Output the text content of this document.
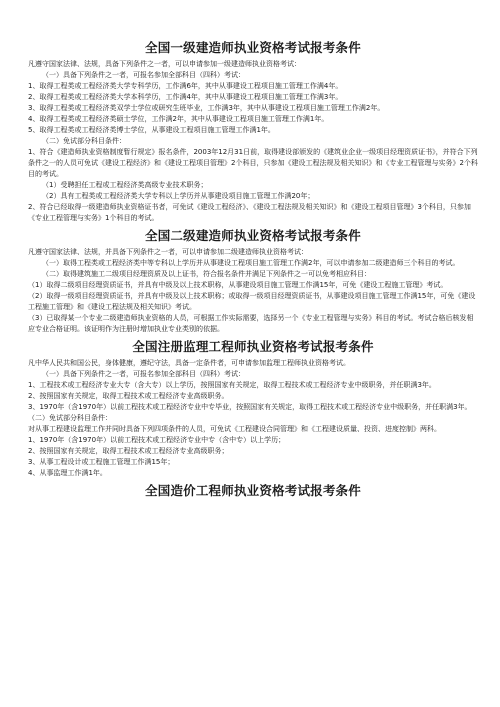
全国一级建造师执业资格考试报考条件

凡遵守国家法律、法规，具备下列条件之一者，可以申请参加一级建造师执业资格考试：

（一）具备下列条件之一者，可报名参加全部科目（四科）考试：

1、取得工程类或工程经济类大学专科学历，工作满6年，其中从事建设工程项目施工管理工作满4年。

2、取得工程类或工程经济类大学本科学历，工作满4年，其中从事建设工程项目施工管理工作满3年。

3、取得工程类或工程经济类双学士学位或研究生班毕业，工作满3年，其中从事建设工程项目施工管理工作满2年。

4、取得工程类或工程经济类硕士学位，工作满2年，其中从事建设工程项目施工管理工作满1年。

5、取得工程类或工程经济类博士学位，从事建设工程项目施工管理工作满1年。

（二）免试部分科目条件：

1、符合《建造师执业资格制度暂行规定》报名条件，2003年12月31日前，取得建设部颁发的《建筑业企业一级项目经理资质证书》，并符合下列条件之一的人员可免试《建设工程经济》和《建设工程项目管理》2个科目，只参加《建设工程法规及相关知识》和《专业工程管理与实务》2个科目的考试。

（1）受聘担任工程或工程经济类高级专业技术职务；

（2）具有工程类或工程经济类大学专科以上学历并从事建设项目施工管理工作满20年；

2、符合已经取得一级建造师执业资格证书者，可免试《建设工程经济》、《建设工程法规及相关知识》和《建设工程项目管理》3个科目，只参加《专业工程管理与实务》1个科目的考试。

全国二级建造师执业资格考试报考条件

凡遵守国家法律、法规，并具备下列条件之一者，可以申请参加二级建造师执业资格考试：

（一）取得工程类或工程经济类中等专科以上学历并从事建设工程项目施工管理工作满2年，可以申请参加二级建造师三个科目的考试。

（二）取得建筑施工二级项目经理资质及以上证书，符合报名条件并满足下列条件之一可以免考相应科目：

（1）取得二级项目经理资质证书，并具有中级及以上技术职称，从事建设项目施工管理工作满15年，可免《建设工程施工管理》考试。

（2）取得一级项目经理资质证书，并具有中级及以上技术职称；或取得一级项目经理资质证书，从事建设项目施工管理工作满15年，可免《建设工程施工管理》和《建设工程法规及相关知识》考试。

（3）已取得某一个专业二级建造师执业资格的人员，可根据工作实际需要，选择另一个《专业工程管理与实务》科目的考试。考试合格后核发相应专业合格证明。该证明作为注册时增加执业专业类别的依据。

全国注册监理工程师执业资格考试报考条件

凡中华人民共和国公民，身体健康，遵纪守法，具备一定条件者，可申请参加监理工程师执业资格考试。

（一）具备下列条件之一者，可报名参加全部科目（四科）考试：

1、工程技术或工程经济专业大专（含大专）以上学历，按照国家有关规定，取得工程技术或工程经济专业中级职务，并任职满3年。

2、按照国家有关规定，取得工程技术或工程经济专业高级职务。

3、1970年（含1970年）以前工程技术或工程经济专业中专毕业，按照国家有关规定，取得工程技术或工程经济专业中级职务，并任职满3年。

（二）免试部分科目条件：

对从事工程建设监理工作并同时具备下列四项条件的人员，可免试《工程建设合同管理》和《工程建设质量、投资、进度控制》两科。

1、1970年（含1970年）以前工程技术或工程经济专业中专（含中专）以上学历；

2、按照国家有关规定，取得工程技术或工程经济专业高级职务；

3、从事工程设计或工程施工管理工作满15年；

4、从事监理工作满1年。

全国造价工程师执业资格考试报考条件
